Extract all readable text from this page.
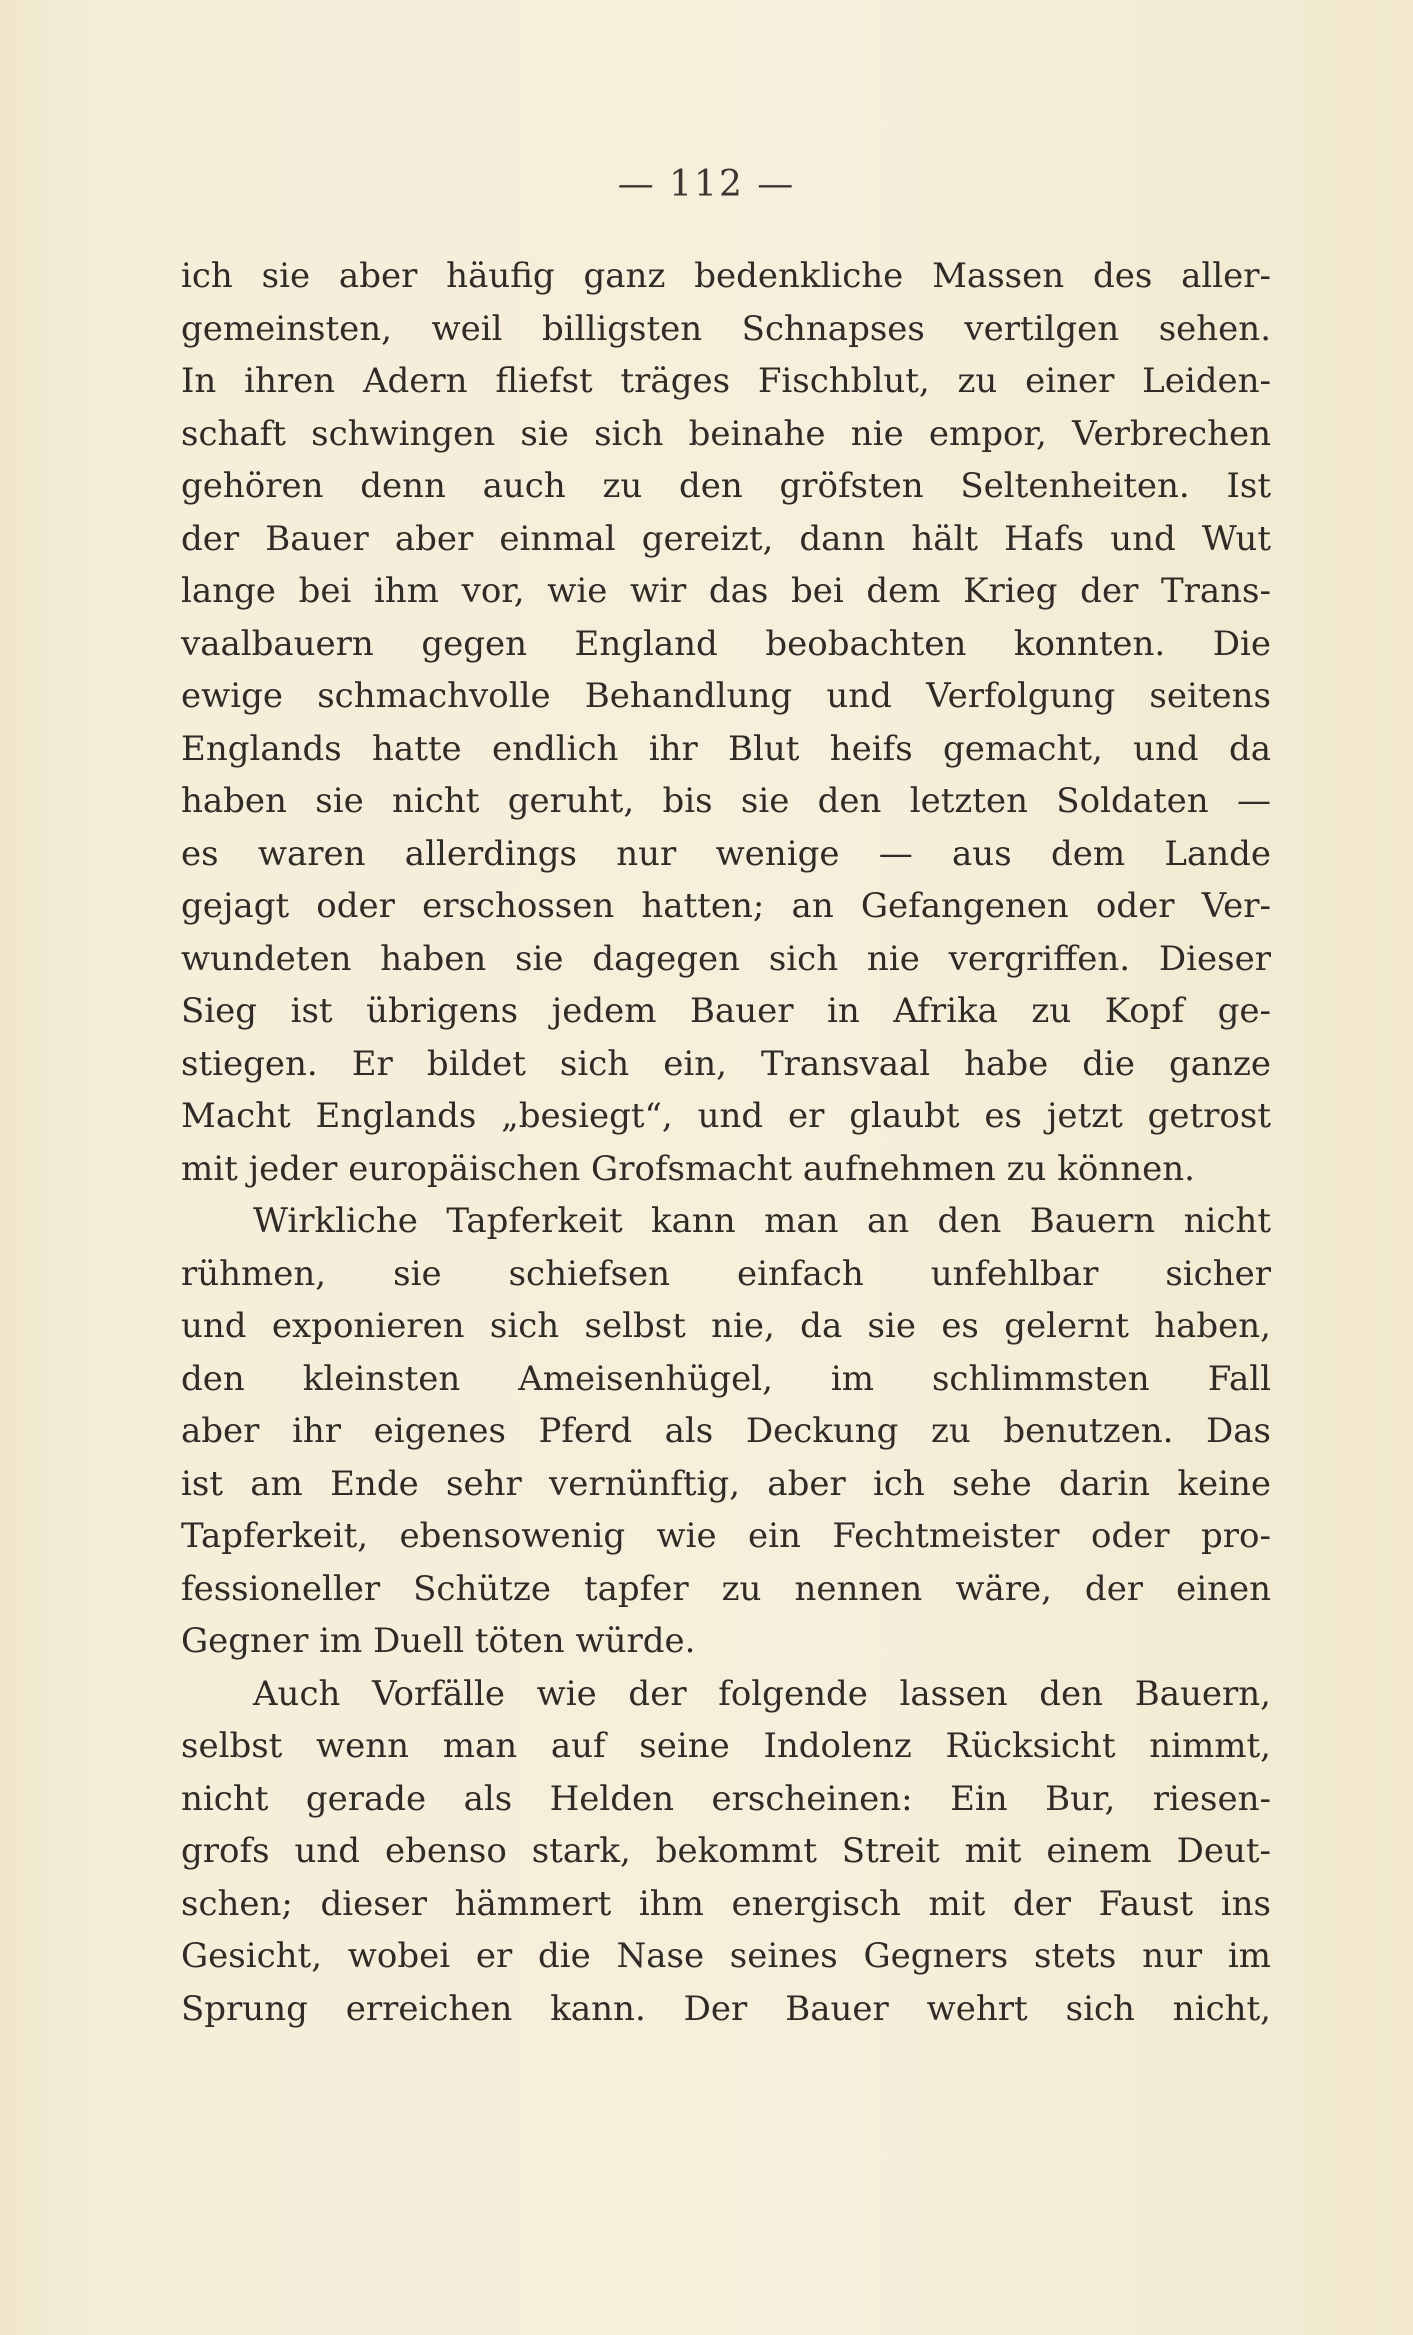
— 112 —
ich sie aber häufig ganz bedenkliche Massen des aller-
gemeinsten, weil billigsten Schnapses vertilgen sehen.
In ihren Adern fliefst träges Fischblut, zu einer Leiden-
schaft schwingen sie sich beinahe nie empor, Verbrechen
gehören denn auch zu den gröfsten Seltenheiten. Ist
der Bauer aber einmal gereizt, dann hält Hafs und Wut
lange bei ihm vor, wie wir das bei dem Krieg der Trans-
vaalbauern gegen England beobachten konnten. Die
ewige schmachvolle Behandlung und Verfolgung seitens
Englands hatte endlich ihr Blut heifs gemacht, und da
haben sie nicht geruht, bis sie den letzten Soldaten —
es waren allerdings nur wenige — aus dem Lande
gejagt oder erschossen hatten; an Gefangenen oder Ver-
wundeten haben sie dagegen sich nie vergriffen. Dieser
Sieg ist übrigens jedem Bauer in Afrika zu Kopf ge-
stiegen. Er bildet sich ein, Transvaal habe die ganze
Macht Englands „besiegt“, und er glaubt es jetzt getrost
mit jeder europäischen Grofsmacht aufnehmen zu können.
Wirkliche Tapferkeit kann man an den Bauern nicht
rühmen, sie schiefsen einfach unfehlbar sicher
und exponieren sich selbst nie, da sie es gelernt haben,
den kleinsten Ameisenhügel, im schlimmsten Fall
aber ihr eigenes Pferd als Deckung zu benutzen. Das
ist am Ende sehr vernünftig, aber ich sehe darin keine
Tapferkeit, ebensowenig wie ein Fechtmeister oder pro-
fessioneller Schütze tapfer zu nennen wäre, der einen
Gegner im Duell töten würde.
Auch Vorfälle wie der folgende lassen den Bauern,
selbst wenn man auf seine Indolenz Rücksicht nimmt,
nicht gerade als Helden erscheinen: Ein Bur, riesen-
grofs und ebenso stark, bekommt Streit mit einem Deut-
schen; dieser hämmert ihm energisch mit der Faust ins
Gesicht, wobei er die Nase seines Gegners stets nur im
Sprung erreichen kann. Der Bauer wehrt sich nicht,
